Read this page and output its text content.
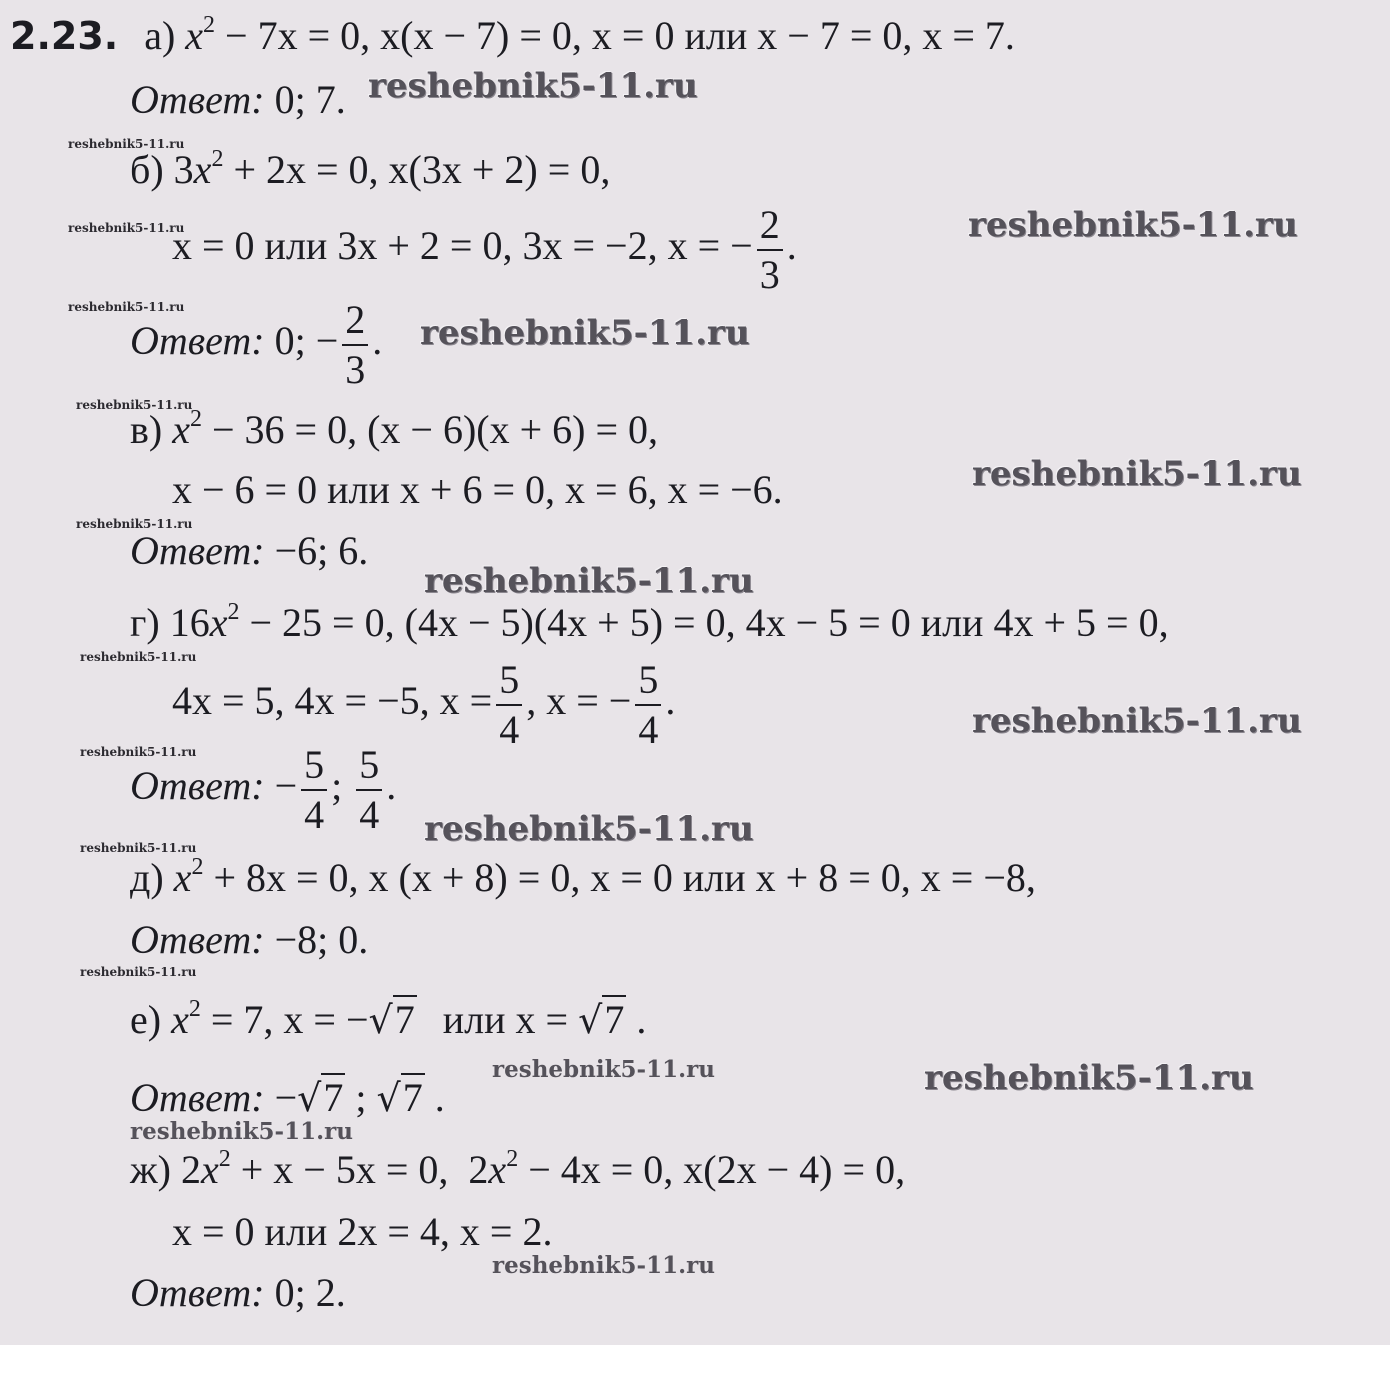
2.23. а) $x^2 - 7x = 0$, x(x − 7) = 0, x = 0 или x − 7 = 0, x = 7.
Ответ: 0; 7.
б) $3x^2 + 2x = 0$, x(3x + 2) = 0,
x = 0 или 3x + 2 = 0, 3x = −2, x = − $\frac{2}{3}$ .
Ответ: 0; − $\frac{2}{3}$ .
в) $x^2 - 36 = 0$, (x − 6)(x + 6) = 0,
x − 6 = 0 или x + 6 = 0, x = 6, x = −6.
Ответ: −6; 6.
г) $16x^2 - 25 = 0$, (4x − 5)(4x + 5) = 0, 4x − 5 = 0 или 4x + 5 = 0,
4x = 5, 4x = −5, $x = \frac{5}{4}$ , x = − $\frac{5}{4}$ .
Ответ: − $\frac{5}{4}$ ; $\frac{5}{4}$ .
д) $x^2 + 8x = 0$, x (x + 8) = 0, x = 0 или x + 8 = 0, x = −8,
Ответ: −8; 0.
е) $x^2 = 7$, x = −√7 или x = √7 .
Ответ: −√7 ; √7 .
ж) $2x^2 + x - 5x = 0$,  $2x^2 - 4x = 0$, x(2x − 4) = 0,
x = 0 или 2x = 4, x = 2.
Ответ: 0; 2.
reshebnik5-11.ru
reshebnik5-11.ru
reshebnik5-11.ru
reshebnik5-11.ru
reshebnik5-11.ru
reshebnik5-11.ru
reshebnik5-11.ru
reshebnik5-11.ru
reshebnik5-11.ru
reshebnik5-11.ru
reshebnik5-11.ru
reshebnik5-11.ru
reshebnik5-11.ru
reshebnik5-11.ru
reshebnik5-11.ru
reshebnik5-11.ru
reshebnik5-11.ru
reshebnik5-11.ru
reshebnik5-11.ru
reshebnik5-11.ru
